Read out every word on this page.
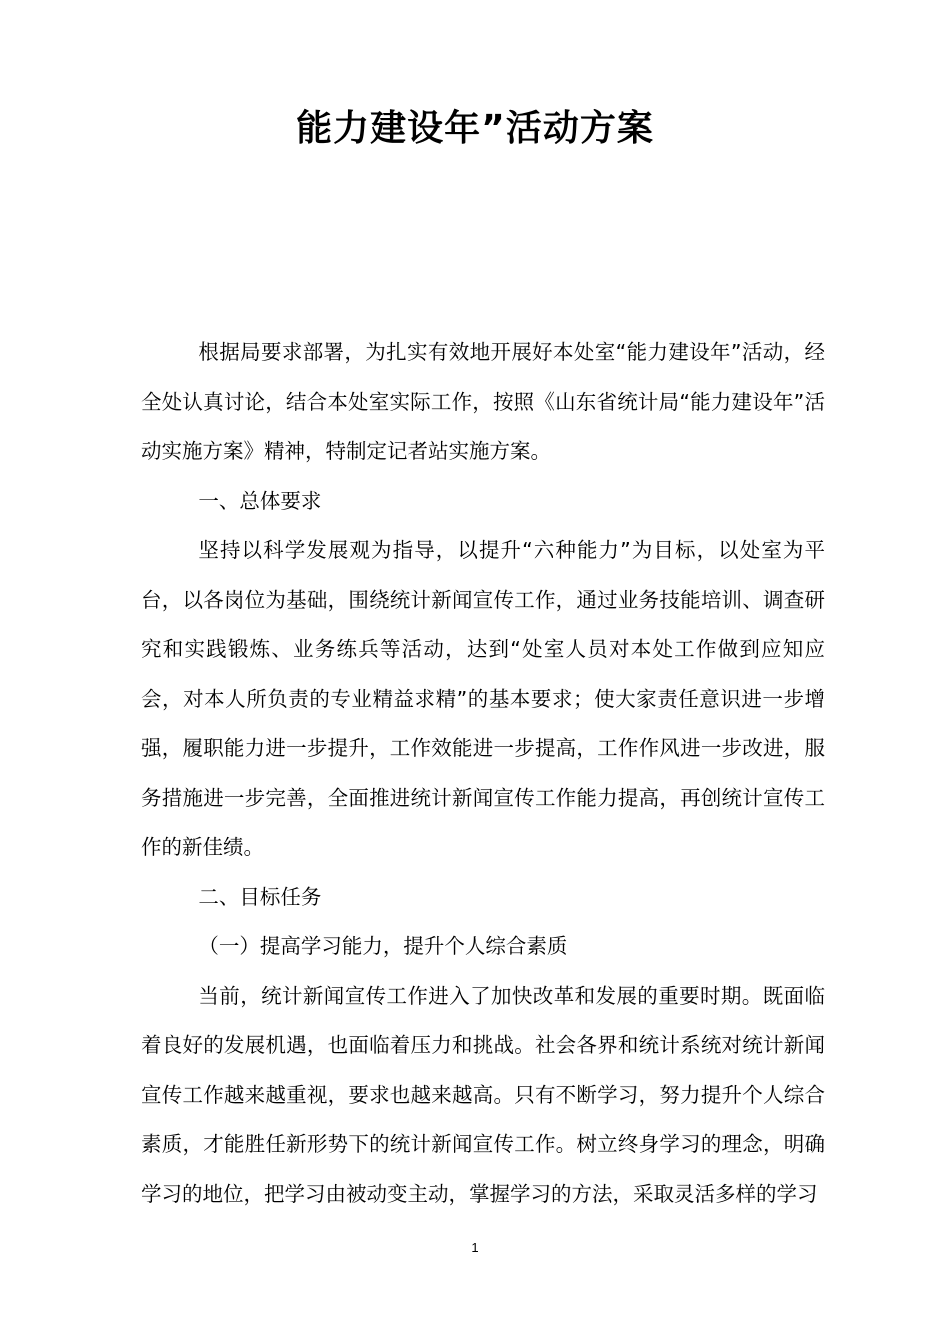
能力建设年”活动方案

根据局要求部署，为扎实有效地开展好本处室“能力建设年”活动，经全处认真讨论，结合本处室实际工作，按照《山东省统计局“能力建设年”活动实施方案》精神，特制定记者站实施方案。

一、总体要求

坚持以科学发展观为指导，以提升“六种能力”为目标，以处室为平台，以各岗位为基础，围绕统计新闻宣传工作，通过业务技能培训、调查研究和实践锻炼、业务练兵等活动，达到“处室人员对本处工作做到应知应会，对本人所负责的专业精益求精”的基本要求；使大家责任意识进一步增强，履职能力进一步提升，工作效能进一步提高，工作作风进一步改进，服务措施进一步完善，全面推进统计新闻宣传工作能力提高，再创统计宣传工作的新佳绩。

二、目标任务

（一）提高学习能力，提升个人综合素质

当前，统计新闻宣传工作进入了加快改革和发展的重要时期。既面临着良好的发展机遇，也面临着压力和挑战。社会各界和统计系统对统计新闻宣传工作越来越重视，要求也越来越高。只有不断学习，努力提升个人综合素质，才能胜任新形势下的统计新闻宣传工作。树立终身学习的理念，明确学习的地位，把学习由被动变主动，掌握学习的方法，采取灵活多样的学习

1
